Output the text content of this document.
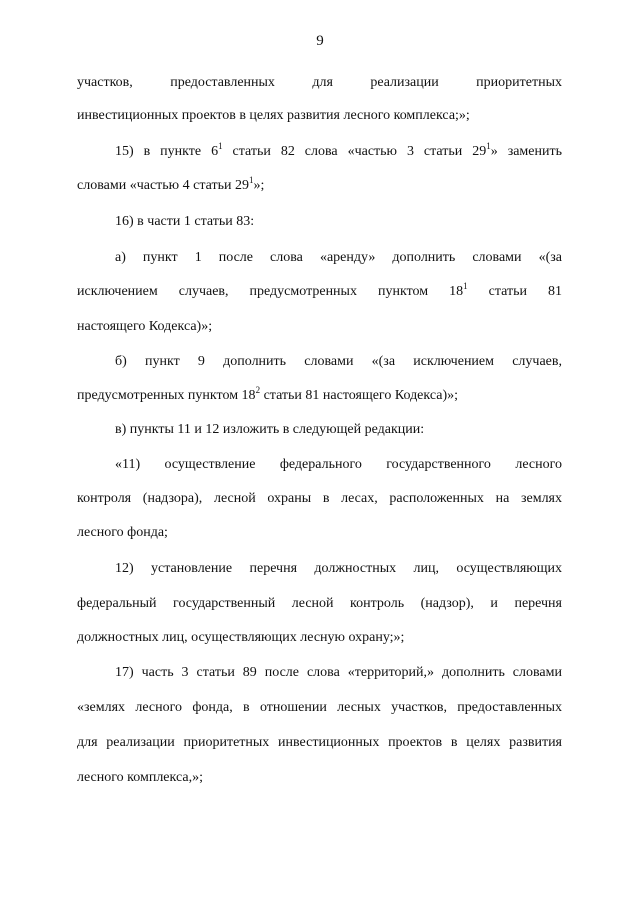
9
участков, предоставленных для реализации приоритетных
инвестиционных проектов в целях развития лесного комплекса;»;
15) в пункте $6^1$ статьи 82 слова «частью 3 статьи $29^1$» заменить
словами «частью 4 статьи $29^1$»;
16) в части 1 статьи 83:
а) пункт 1 после слова «аренду» дополнить словами «(за
исключением случаев, предусмотренных пунктом $18^1$ статьи 81
настоящего Кодекса)»;
б) пункт 9 дополнить словами «(за исключением случаев,
предусмотренных пунктом $18^2$ статьи 81 настоящего Кодекса)»;
в) пункты 11 и 12 изложить в следующей редакции:
«11) осуществление федерального государственного лесного
контроля (надзора), лесной охраны в лесах, расположенных на землях
лесного фонда;
12) установление перечня должностных лиц, осуществляющих
федеральный государственный лесной контроль (надзор), и перечня
должностных лиц, осуществляющих лесную охрану;»;
17) часть 3 статьи 89 после слова «территорий,» дополнить словами
«землях лесного фонда, в отношении лесных участков, предоставленных
для реализации приоритетных инвестиционных проектов в целях развития
лесного комплекса,»;
